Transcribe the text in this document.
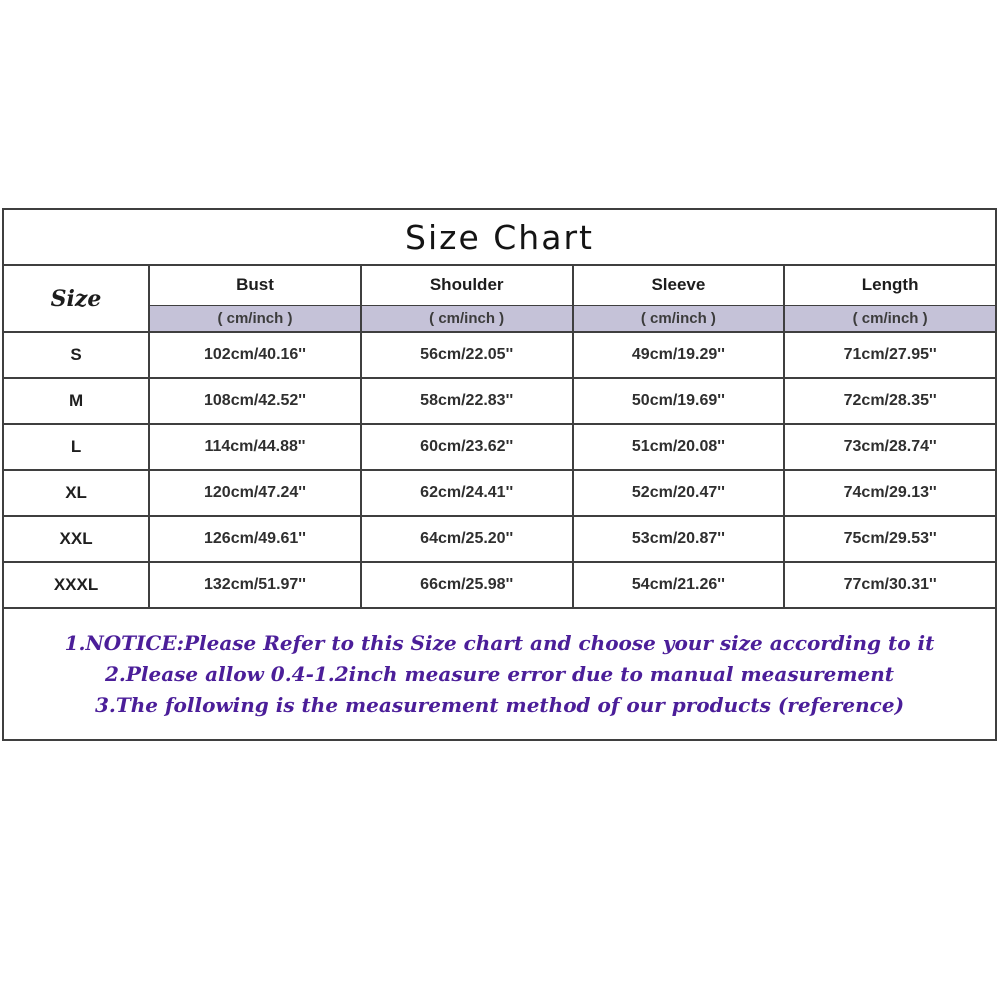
Size Chart				
Size	Bust	Shoulder	Sleeve	Length
	( cm/inch )	( cm/inch )	( cm/inch )	( cm/inch )
S	102cm/40.16''	56cm/22.05''	49cm/19.29''	71cm/27.95''
M	108cm/42.52''	58cm/22.83''	50cm/19.69''	72cm/28.35''
L	114cm/44.88''	60cm/23.62''	51cm/20.08''	73cm/28.74''
XL	120cm/47.24''	62cm/24.41''	52cm/20.47''	74cm/29.13''
XXL	126cm/49.61''	64cm/25.20''	53cm/20.87''	75cm/29.53''
XXXL	132cm/51.97''	66cm/25.98''	54cm/21.26''	77cm/30.31''

1.NOTICE:Please Refer to this Size chart and choose your size according to it
2.Please allow 0.4-1.2inch measure error due to manual measurement
3.The following is the measurement method of our products (reference)				
